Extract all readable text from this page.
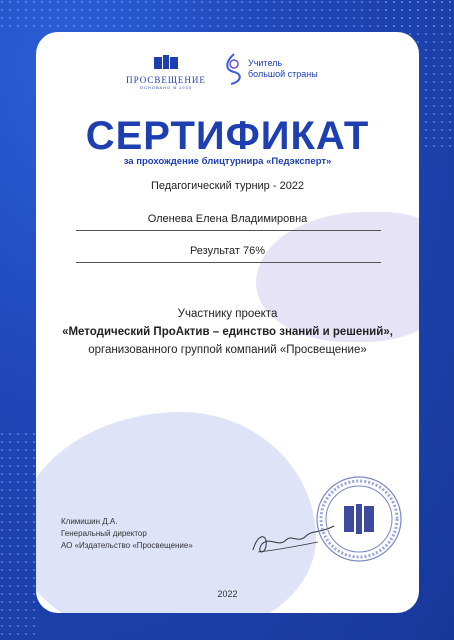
ПРОСВЕЩЕНИЕ
ОСНОВАНО В 1930
Учитель
большой страны
СЕРТИФИКАТ
за прохождение блицтурнира «Педэксперт»
Педагогический турнир - 2022
Оленева Елена Владимировна
Результат 76%
Участнику проекта
«Методический ПроАктив – единство знаний и решений»,
организованного группой компаний «Просвещение»
Климишин Д.А.
Генеральный директор
АО «Издательство «Просвещение»
2022
